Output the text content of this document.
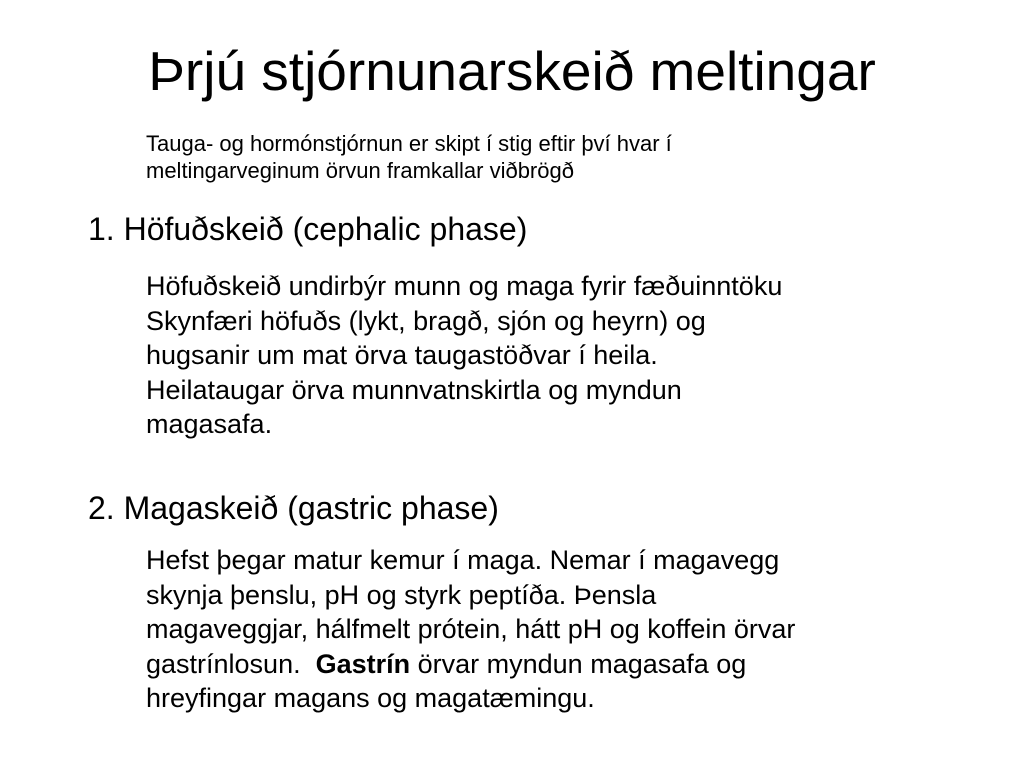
Þrjú stjórnunarskeið meltingar
Tauga- og hormónstjórnun er skipt í stig eftir því hvar í
meltingarveginum örvun framkallar viðbrögð
1. Höfuðskeið (cephalic phase)
Höfuðskeið undirbýr munn og maga fyrir fæðuinntöku
Skynfæri höfuðs (lykt, bragð, sjón og heyrn) og
hugsanir um mat örva taugastöðvar í heila.
Heilataugar örva munnvatnskirtla og myndun
magasafa.
2. Magaskeið (gastric phase)
Hefst þegar matur kemur í maga. Nemar í magavegg
skynja þenslu, pH og styrk peptíða. Þensla
magaveggjar, hálfmelt prótein, hátt pH og koffein örvar
gastrínlosun.  Gastrín örvar myndun magasafa og
hreyfingar magans og magatæmingu.
